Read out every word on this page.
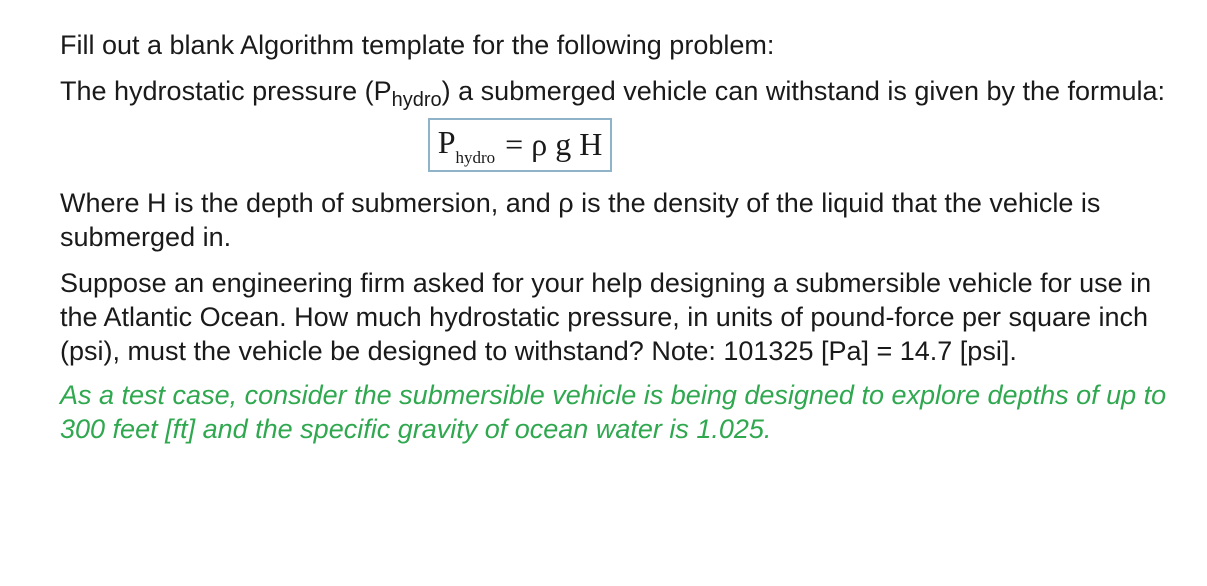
Fill out a blank Algorithm template for the following problem:

The hydrostatic pressure $(P_{hydro})$ a submerged vehicle can withstand is given by the formula:

P hydro = ρ g H

Where H is the depth of submersion, and ρ is the density of the liquid that the vehicle is submerged in.

Suppose an engineering firm asked for your help designing a submersible vehicle for use in the Atlantic Ocean. How much hydrostatic pressure, in units of pound-force per square inch (psi), must the vehicle be designed to withstand? Note: 101325 [Pa] = 14.7 [psi].

As a test case, consider the submersible vehicle is being designed to explore depths of up to 300 feet [ft] and the specific gravity of ocean water is 1.025.
